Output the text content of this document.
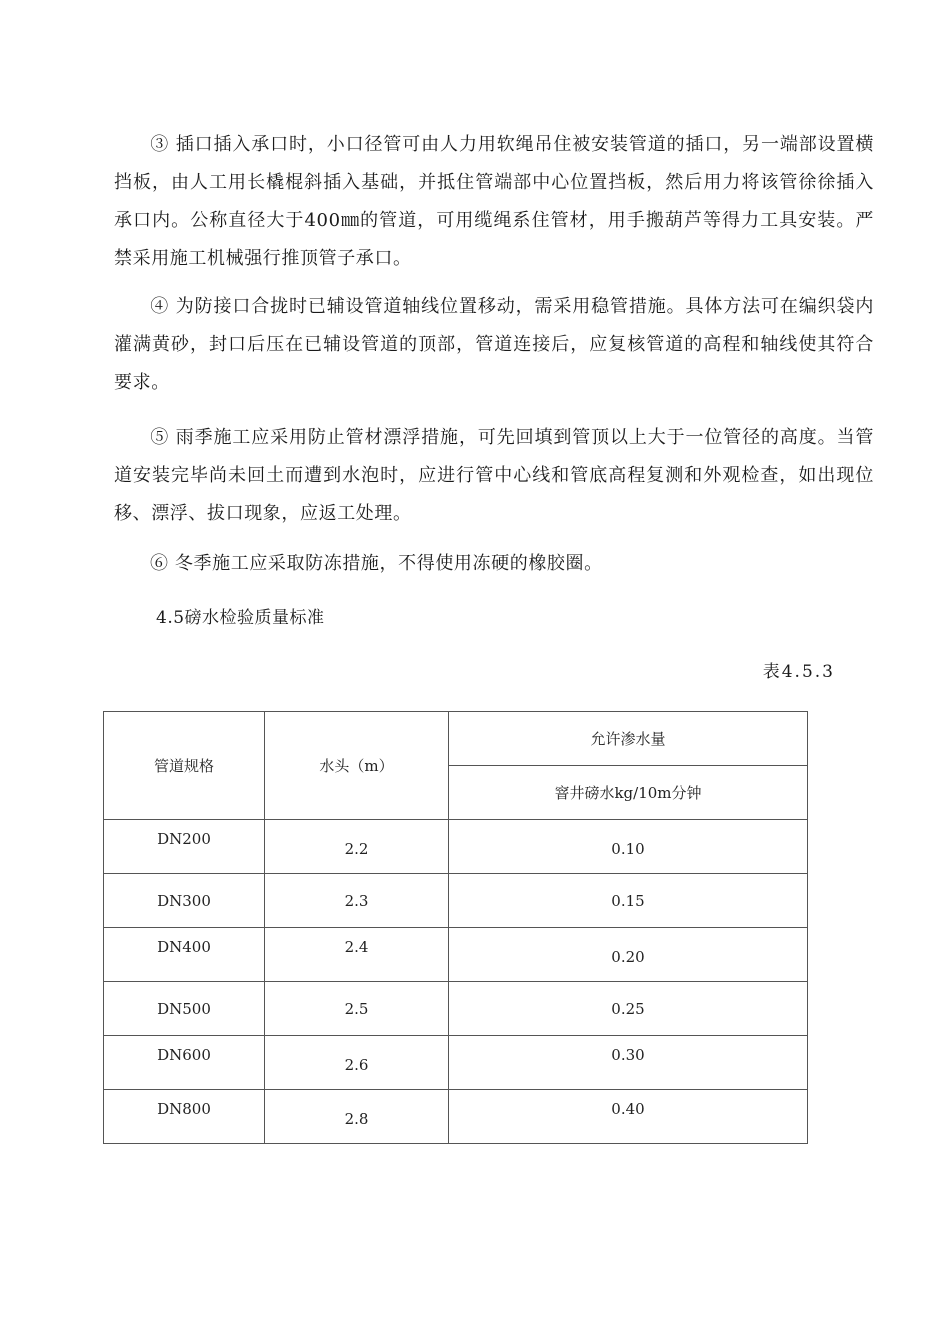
③ 插口插入承口时，小口径管可由人力用软绳吊住被安装管道的插口，另一端部设置横挡板，由人工用长橇棍斜插入基础，并抵住管端部中心位置挡板，然后用力将该管徐徐插入承口内。公称直径大于400㎜的管道，可用缆绳系住管材，用手搬葫芦等得力工具安装。严禁采用施工机械强行推顶管子承口。

④ 为防接口合拢时已辅设管道轴线位置移动，需采用稳管措施。具体方法可在编织袋内灌满黄砂，封口后压在已辅设管道的顶部，管道连接后，应复核管道的高程和轴线使其符合要求。

⑤ 雨季施工应采用防止管材漂浮措施，可先回填到管顶以上大于一位管径的高度。当管道安装完毕尚未回土而遭到水泡时，应进行管中心线和管底高程复测和外观检查，如出现位移、漂浮、拔口现象，应返工处理。

⑥ 冬季施工应采取防冻措施，不得使用冻硬的橡胶圈。

4.5磅水检验质量标准
表4.5.3
管道规格	水头（m）	允许渗水量
		窨井磅水kg/10m分钟

DN200	2.2	0.10

DN300	2.3	0.15

DN400	2.4	0.20

DN500	2.5	0.25

DN600	2.6	0.30

DN800	2.8	0.40
